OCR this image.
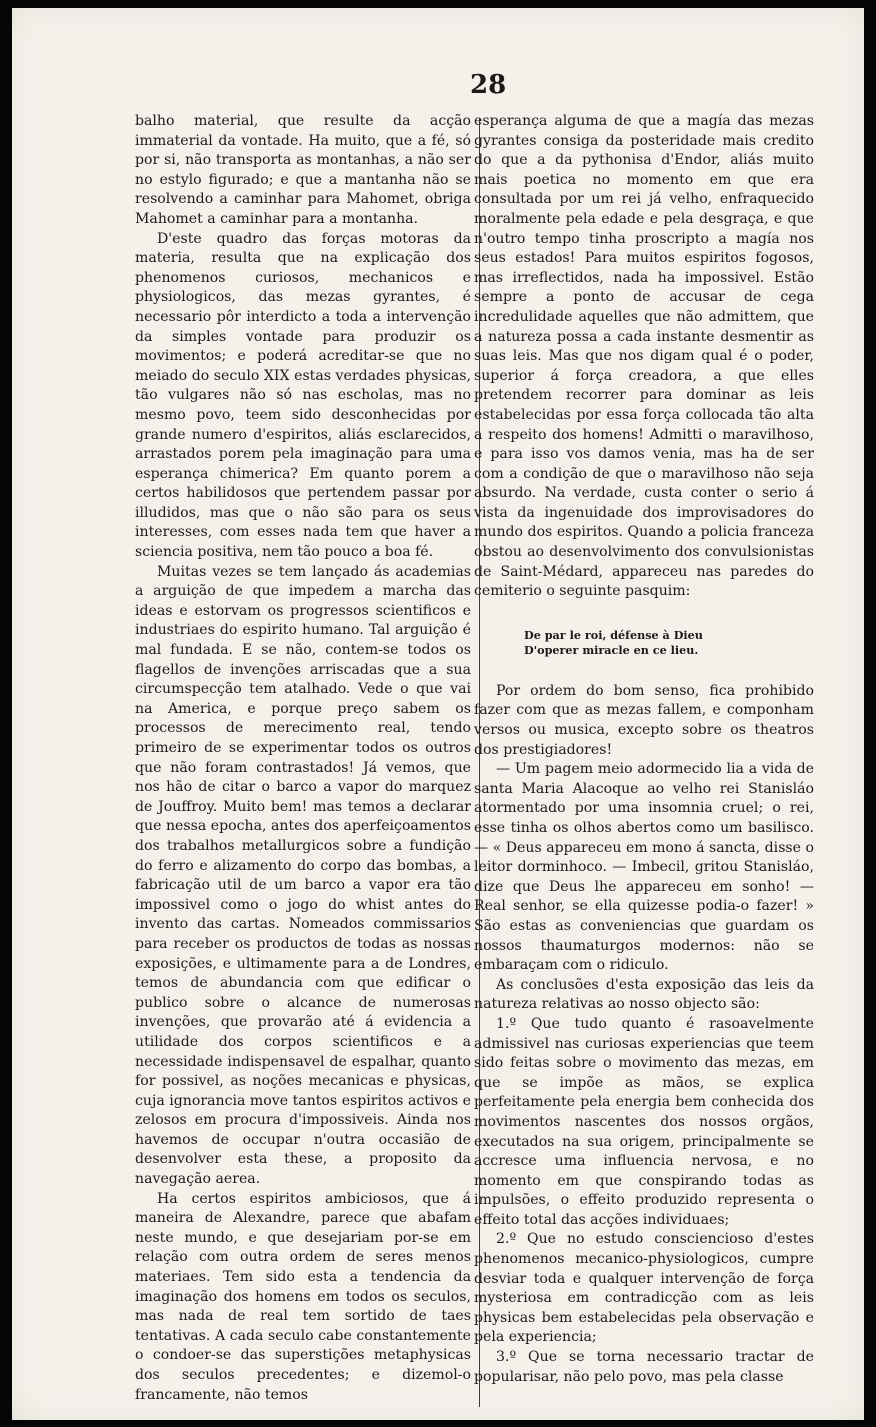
28

balho material, que resulte da acção immaterial da vontade. Ha muito, que a fé, só por si, não transporta as montanhas, a não ser no estylo figurado; e que a mantanha não se resolvendo a caminhar para Mahomet, obriga Mahomet a caminhar para a montanha.

D'este quadro das forças motoras da materia, resulta que na explicação dos phenomenos curiosos, mechanicos e physiologicos, das mezas gyrantes, é necessario pôr interdicto a toda a intervenção da simples vontade para produzir os movimentos; e poderá acreditar-se que no meiado do seculo XIX estas verdades physicas, tão vulgares não só nas escholas, mas no mesmo povo, teem sido desconhecidas por grande numero d'espiritos, aliás esclarecidos, arrastados porem pela imaginação para uma esperança chimerica? Em quanto porem a certos habilidosos que pertendem passar por illudidos, mas que o não são para os seus interesses, com esses nada tem que haver a sciencia positiva, nem tão pouco a boa fé.

Muitas vezes se tem lançado ás academias a arguição de que impedem a marcha das ideas e estorvam os progressos scientificos e industriaes do espirito humano. Tal arguição é mal fundada. E se não, contem-se todos os flagellos de invenções arriscadas que a sua circumspecção tem atalhado. Vede o que vai na America, e porque preço sabem os processos de merecimento real, tendo primeiro de se experimentar todos os outros que não foram contrastados! Já vemos, que nos hão de citar o barco a vapor do marquez de Jouffroy. Muito bem! mas temos a declarar que nessa epocha, antes dos aperfeiçoamentos dos trabalhos metallurgicos sobre a fundição do ferro e alizamento do corpo das bombas, a fabricação util de um barco a vapor era tão impossivel como o jogo do whist antes do invento das cartas. Nomeados commissarios para receber os productos de todas as nossas exposições, e ultimamente para a de Londres, temos de abundancia com que edificar o publico sobre o alcance de numerosas invenções, que provarão até á evidencia a utilidade dos corpos scientificos e a necessidade indispensavel de espalhar, quanto for possivel, as noções mecanicas e physicas, cuja ignorancia move tantos espiritos activos e zelosos em procura d'impossiveis. Ainda nos havemos de occupar n'outra occasião de desenvolver esta these, a proposito da navegação aerea.

Ha certos espiritos ambiciosos, que á maneira de Alexandre, parece que abafam neste mundo, e que desejariam por-se em relação com outra ordem de seres menos materiaes. Tem sido esta a tendencia da imaginação dos homens em todos os seculos, mas nada de real tem sortido de taes tentativas. A cada seculo cabe constantemente o condoer-se das superstições metaphysicas dos seculos precedentes; e dizemol-o francamente, não temos

esperança alguma de que a magía das mezas gyrantes consiga da posteridade mais credito do que a da pythonisa d'Endor, aliás muito mais poetica no momento em que era consultada por um rei já velho, enfraquecido moralmente pela edade e pela desgraça, e que n'outro tempo tinha proscripto a magía nos seus estados! Para muitos espiritos fogosos, mas irreflectidos, nada ha impossivel. Estão sempre a ponto de accusar de cega incredulidade aquelles que não admittem, que a natureza possa a cada instante desmentir as suas leis. Mas que nos digam qual é o poder, superior á força creadora, a que elles pretendem recorrer para dominar as leis estabelecidas por essa força collocada tão alta a respeito dos homens! Admitti o maravilhoso, e para isso vos damos venia, mas ha de ser com a condição de que o maravilhoso não seja absurdo. Na verdade, custa conter o serio á vista da ingenuidade dos improvisadores do mundo dos espiritos. Quando a policia franceza obstou ao desenvolvimento dos convulsionistas de Saint-Médard, appareceu nas paredes do cemiterio o seguinte pasquim:

De par le roi, défense à Dieu
D'operer miracle en ce lieu.

Por ordem do bom senso, fica prohibido fazer com que as mezas fallem, e componham versos ou musica, excepto sobre os theatros dos prestigiadores!

— Um pagem meio adormecido lia a vida de santa Maria Alacoque ao velho rei Stanisláo atormentado por uma insomnia cruel; o rei, esse tinha os olhos abertos como um basilisco. — « Deus appareceu em mono á sancta, disse o leitor dorminhoco. — Imbecil, gritou Stanisláo, dize que Deus lhe appareceu em sonho! — Real senhor, se ella quizesse podia-o fazer! » São estas as conveniencias que guardam os nossos thaumaturgos modernos: não se embaraçam com o ridiculo.

As conclusões d'esta exposição das leis da natureza relativas ao nosso objecto são:

1.º Que tudo quanto é rasoavelmente admissivel nas curiosas experiencias que teem sido feitas sobre o movimento das mezas, em que se impõe as mãos, se explica perfeitamente pela energia bem conhecida dos movimentos nascentes dos nossos orgãos, executados na sua origem, principalmente se accresce uma influencia nervosa, e no momento em que conspirando todas as impulsões, o effeito produzido representa o effeito total das acções individuaes;

2.º Que no estudo consciencioso d'estes phenomenos mecanico-physiologicos, cumpre desviar toda e qualquer intervenção de força mysteriosa em contradicção com as leis physicas bem estabelecidas pela observação e pela experiencia;

3.º Que se torna necessario tractar de popularisar, não pelo povo, mas pela classe
